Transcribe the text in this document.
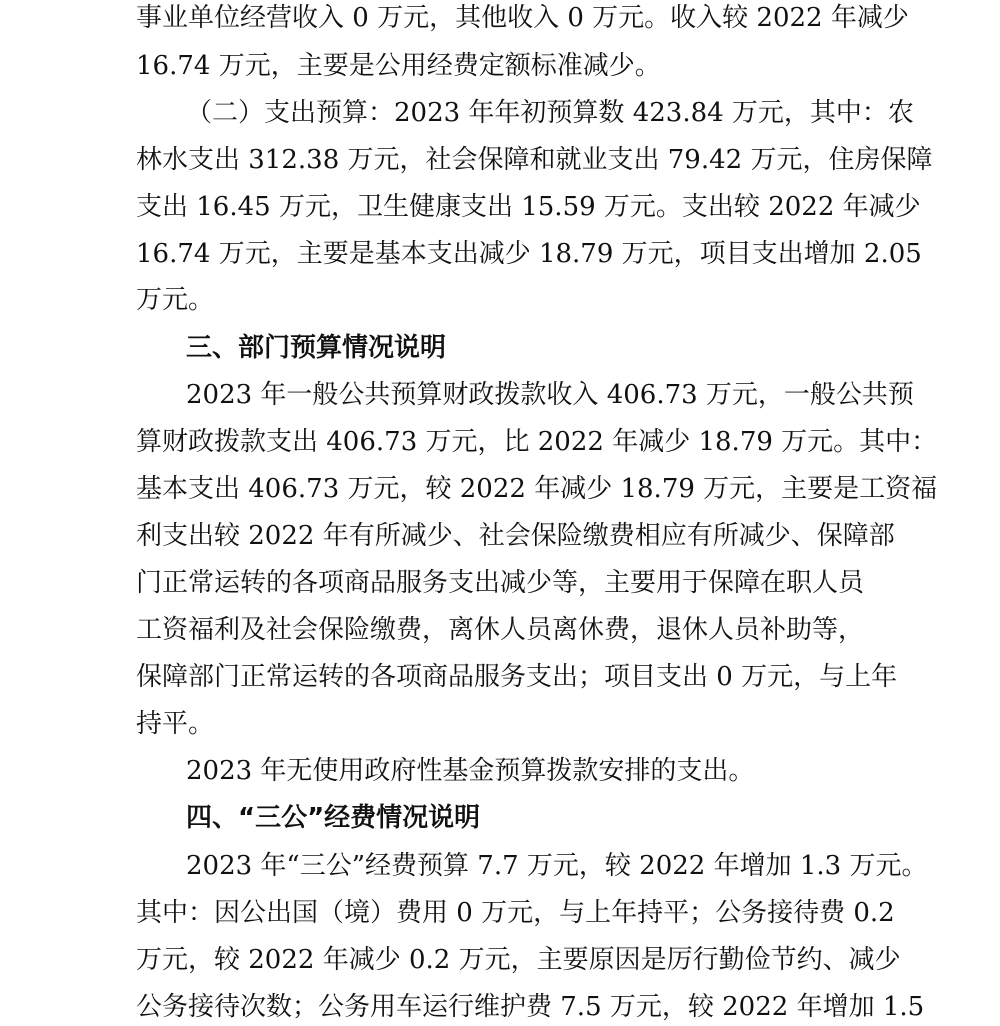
事业单位经营收入 0 万元，其他收入 0 万元。收入较 2022 年减少
16.74 万元，主要是公用经费定额标准减少。
（二）支出预算：2023 年年初预算数 423.84 万元，其中：农
林水支出 312.38 万元，社会保障和就业支出 79.42 万元，住房保障
支出 16.45 万元，卫生健康支出 15.59 万元。支出较 2022 年减少
16.74 万元，主要是基本支出减少 18.79 万元，项目支出增加 2.05
万元。
三、部门预算情况说明
2023 年一般公共预算财政拨款收入 406.73 万元，一般公共预
算财政拨款支出 406.73 万元，比 2022 年减少 18.79 万元。其中：
基本支出 406.73 万元，较 2022 年减少 18.79 万元，主要是工资福
利支出较 2022 年有所减少、社会保险缴费相应有所减少、保障部
门正常运转的各项商品服务支出减少等，主要用于保障在职人员
工资福利及社会保险缴费，离休人员离休费，退休人员补助等，
保障部门正常运转的各项商品服务支出；项目支出 0 万元，与上年
持平。
2023 年无使用政府性基金预算拨款安排的支出。
四、“三公”经费情况说明
2023 年“三公”经费预算 7.7 万元，较 2022 年增加 1.3 万元。
其中：因公出国（境）费用 0 万元，与上年持平；公务接待费 0.2
万元，较 2022 年减少 0.2 万元，主要原因是厉行勤俭节约、减少
公务接待次数；公务用车运行维护费 7.5 万元，较 2022 年增加 1.5
